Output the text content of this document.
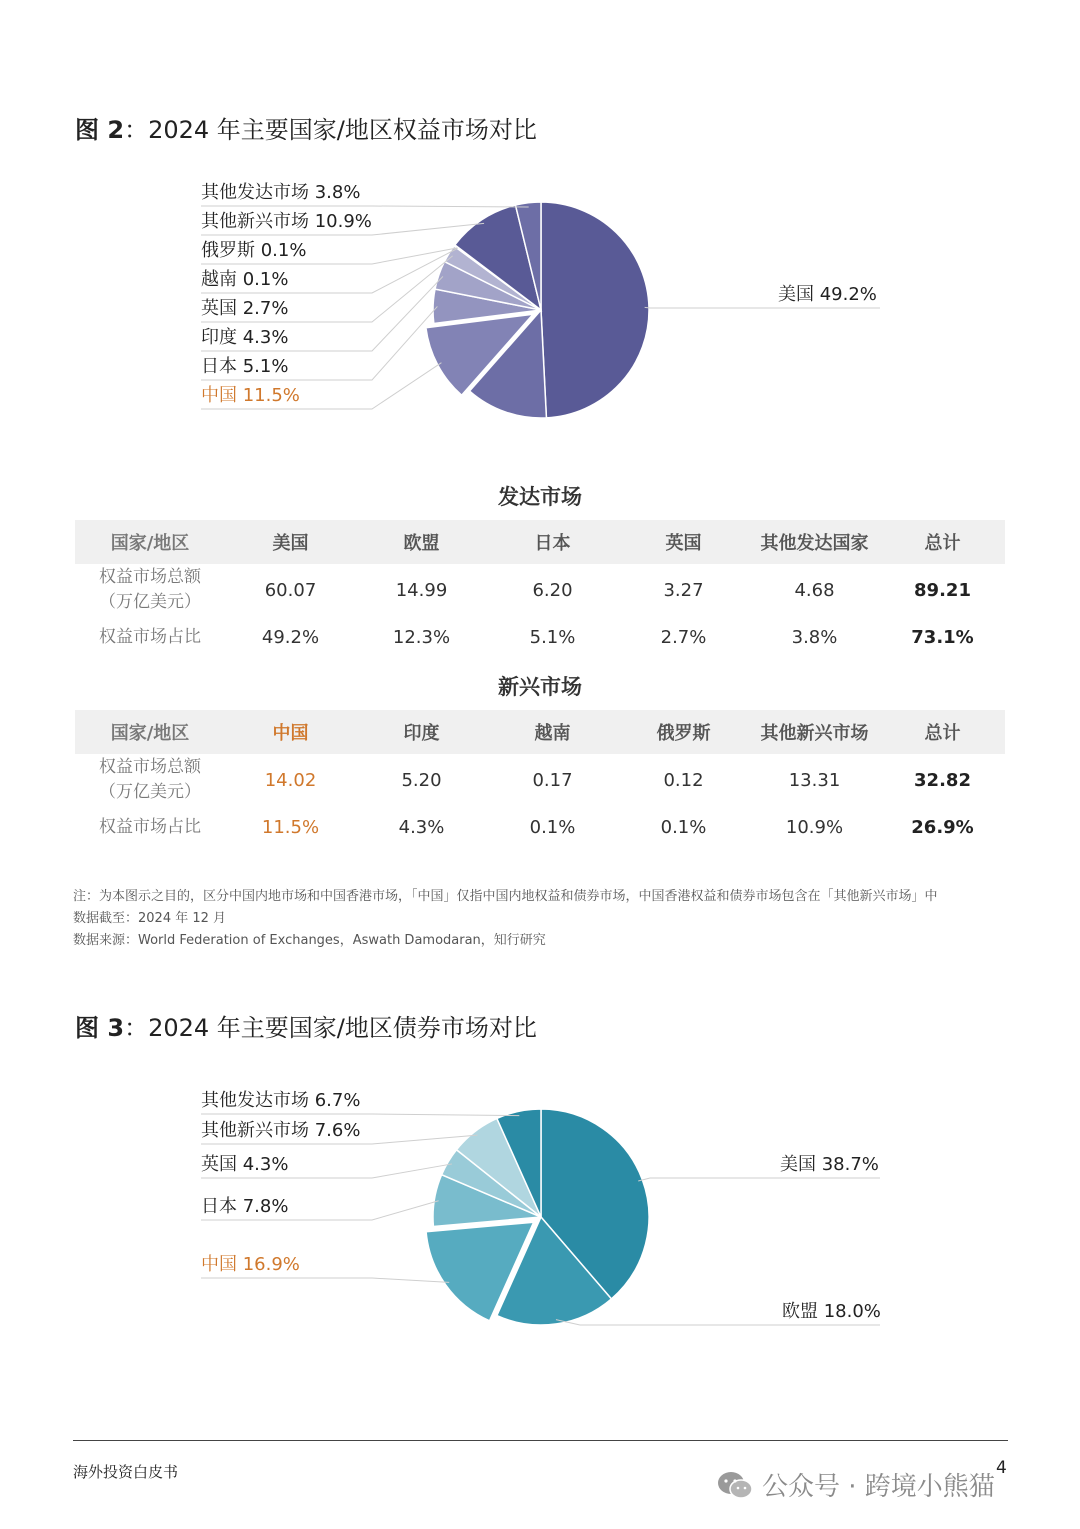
图 2：2024 年主要国家/地区权益市场对比
美国 49.2%
中国 11.5%
日本 5.1%
印度 4.3%
英国 2.7%
越南 0.1%
俄罗斯 0.1%
其他新兴市场 10.9%
其他发达市场 3.8%
发达市场
国家/地区	美国	欧盟	日本	英国	其他发达国家	总计

权益市场总额
（万亿美元）	60.07	14.99	6.20	3.27	4.68	89.21
权益市场占比	49.2%	12.3%	5.1%	2.7%	3.8%	73.1%
新兴市场
国家/地区	中国	印度	越南	俄罗斯	其他新兴市场	总计

权益市场总额
（万亿美元）	14.02	5.20	0.17	0.12	13.31	32.82
权益市场占比	11.5%	4.3%	0.1%	0.1%	10.9%	26.9%
注：为本图示之目的，区分中国内地市场和中国香港市场，「中国」仅指中国内地权益和债券市场，中国香港权益和债券市场包含在「其他新兴市场」中
数据截至：2024 年 12 月
数据来源：World Federation of Exchanges，Aswath Damodaran，知行研究
图 3：2024 年主要国家/地区债券市场对比
美国 38.7%
欧盟 18.0%
中国 16.9%
日本 7.8%
英国 4.3%
其他新兴市场 7.6%
其他发达市场 6.7%
海外投资白皮书	4
公众号 · 跨境小熊猫
